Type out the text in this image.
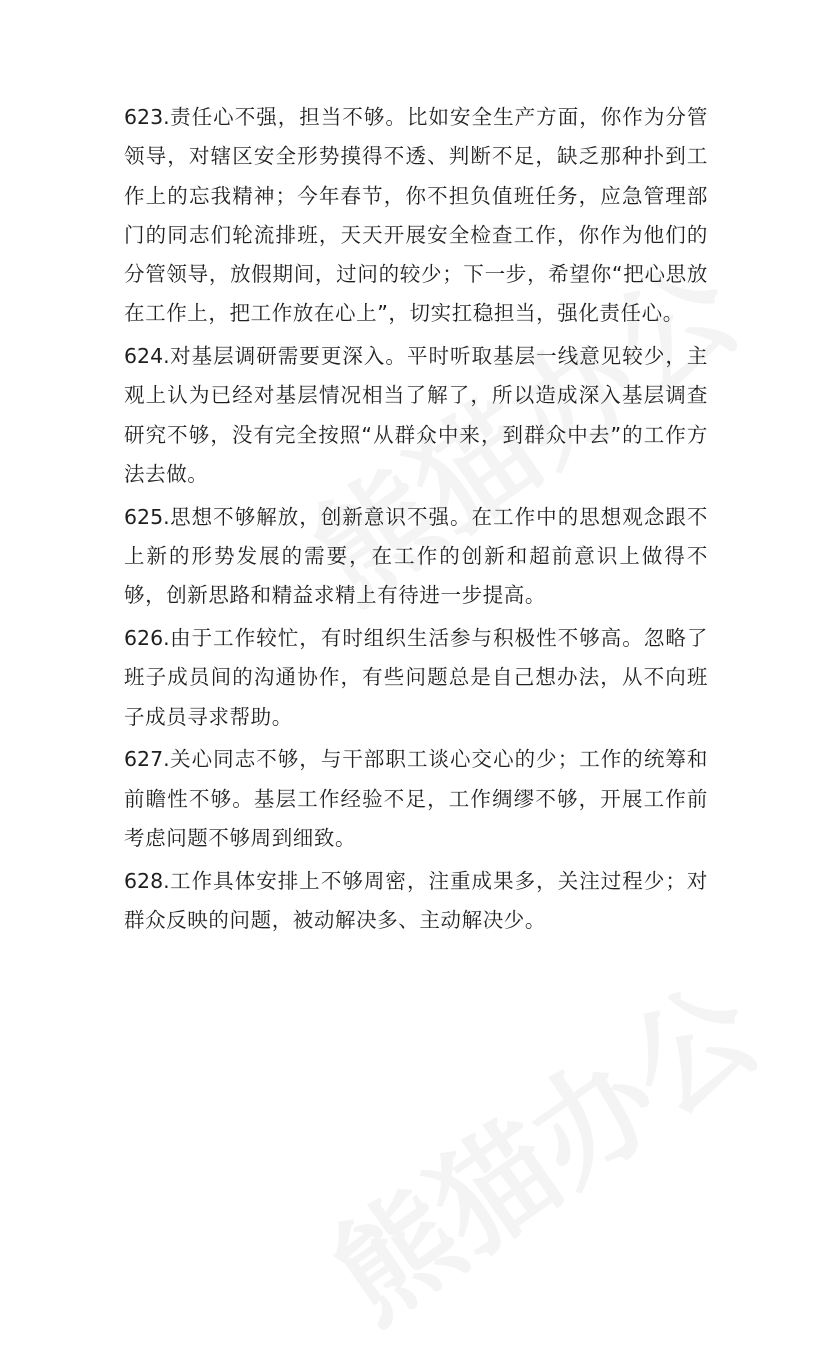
623.责任心不强，担当不够。比如安全生产方面，你作为分管领导，对辖区安全形势摸得不透、判断不足，缺乏那种扑到工作上的忘我精神；今年春节，你不担负值班任务，应急管理部门的同志们轮流排班，天天开展安全检查工作，你作为他们的分管领导，放假期间，过问的较少；下一步，希望你“把心思放在工作上，把工作放在心上”，切实扛稳担当，强化责任心。

624.对基层调研需要更深入。平时听取基层一线意见较少，主观上认为已经对基层情况相当了解了，所以造成深入基层调查研究不够，没有完全按照“从群众中来，到群众中去”的工作方法去做。

625.思想不够解放，创新意识不强。在工作中的思想观念跟不上新的形势发展的需要，在工作的创新和超前意识上做得不够，创新思路和精益求精上有待进一步提高。

626.由于工作较忙，有时组织生活参与积极性不够高。忽略了班子成员间的沟通协作，有些问题总是自己想办法，从不向班子成员寻求帮助。

627.关心同志不够，与干部职工谈心交心的少；工作的统筹和前瞻性不够。基层工作经验不足，工作绸缪不够，开展工作前考虑问题不够周到细致。

628.工作具体安排上不够周密，注重成果多，关注过程少；对群众反映的问题，被动解决多、主动解决少。
